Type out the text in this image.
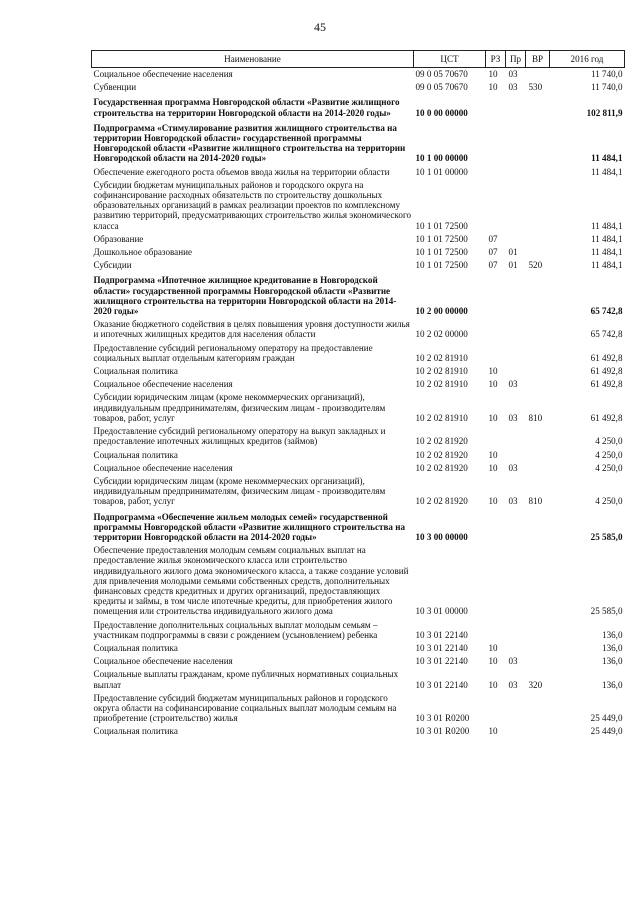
45
Наименование	ЦСТ	РЗ	Пр	ВР	2016 год
Социальное обеспечение населения	09 0 05 70670	10	03		11 740,0
Субвенции	09 0 05 70670	10	03	530	11 740,0
Государственная программа Новгородской области «Развитие жилищного строительства на территории Новгородской области на 2014-2020 годы»	10 0 00 00000				102 811,9
Подпрограмма «Стимулирование развития жилищного строительства на территории Новгородской области» государственной программы Новгородской области «Развитие жилищного строительства на территории Новгородской области на 2014-2020 годы»	10 1 00 00000				11 484,1
Обеспечение ежегодного роста объемов ввода жилья на территории области	10 1 01 00000				11 484,1
Субсидии бюджетам муниципальных районов и городского округа на софинансирование расходных обязательств по строительству дошкольных образовательных организаций в рамках реализации проектов по комплексному развитию территорий, предусматривающих строительство жилья экономического класса	10 1 01 72500				11 484,1
Образование	10 1 01 72500	07			11 484,1
Дошкольное образование	10 1 01 72500	07	01		11 484,1
Субсидии	10 1 01 72500	07	01	520	11 484,1
Подпрограмма «Ипотечное жилищное кредитование в Новгородской области» государственной программы Новгородской области «Развитие жилищного строительства на территории Новгородской области на 2014-2020 годы»	10 2 00 00000				65 742,8
Оказание бюджетного содействия в целях повышения уровня доступности жилья и ипотечных жилищных кредитов для населения области	10 2 02 00000				65 742,8
Предоставление субсидий региональному оператору на предоставление социальных выплат отдельным категориям граждан	10 2 02 81910				61 492,8
Социальная политика	10 2 02 81910	10			61 492,8
Социальное обеспечение населения	10 2 02 81910	10	03		61 492,8
Субсидии юридическим лицам (кроме некоммерческих организаций), индивидуальным предпринимателям, физическим лицам - производителям товаров, работ, услуг	10 2 02 81910	10	03	810	61 492,8
Предоставление субсидий региональному оператору на выкуп закладных и предоставление ипотечных жилищных кредитов (займов)	10 2 02 81920				4 250,0
Социальная политика	10 2 02 81920	10			4 250,0
Социальное обеспечение населения	10 2 02 81920	10	03		4 250,0
Субсидии юридическим лицам (кроме некоммерческих организаций), индивидуальным предпринимателям, физическим лицам - производителям товаров, работ, услуг	10 2 02 81920	10	03	810	4 250,0
Подпрограмма «Обеспечение жильем молодых семей» государственной программы Новгородской области «Развитие жилищного строительства на территории Новгородской области на 2014-2020 годы»	10 3 00 00000				25 585,0
Обеспечение предоставления молодым семьям социальных выплат на предоставление жилья экономического класса или строительство индивидуального жилого дома экономического класса, а также создание условий для привлечения молодыми семьями собственных средств, дополнительных финансовых средств кредитных и других организаций, предоставляющих кредиты и займы, в том числе ипотечные кредиты, для приобретения жилого помещения или строительства индивидуального жилого дома	10 3 01 00000				25 585,0
Предоставление дополнительных социальных выплат молодым семьям – участникам подпрограммы в связи с рождением (усыновлением) ребенка	10 3 01 22140				136,0
Социальная политика	10 3 01 22140	10			136,0
Социальное обеспечение населения	10 3 01 22140	10	03		136,0
Социальные выплаты гражданам, кроме публичных нормативных социальных выплат	10 3 01 22140	10	03	320	136,0
Предоставление субсидий бюджетам муниципальных районов и городского округа области на софинансирование социальных выплат молодым семьям на приобретение (строительство) жилья	10 3 01 R0200				25 449,0
Социальная политика	10 3 01 R0200	10			25 449,0
